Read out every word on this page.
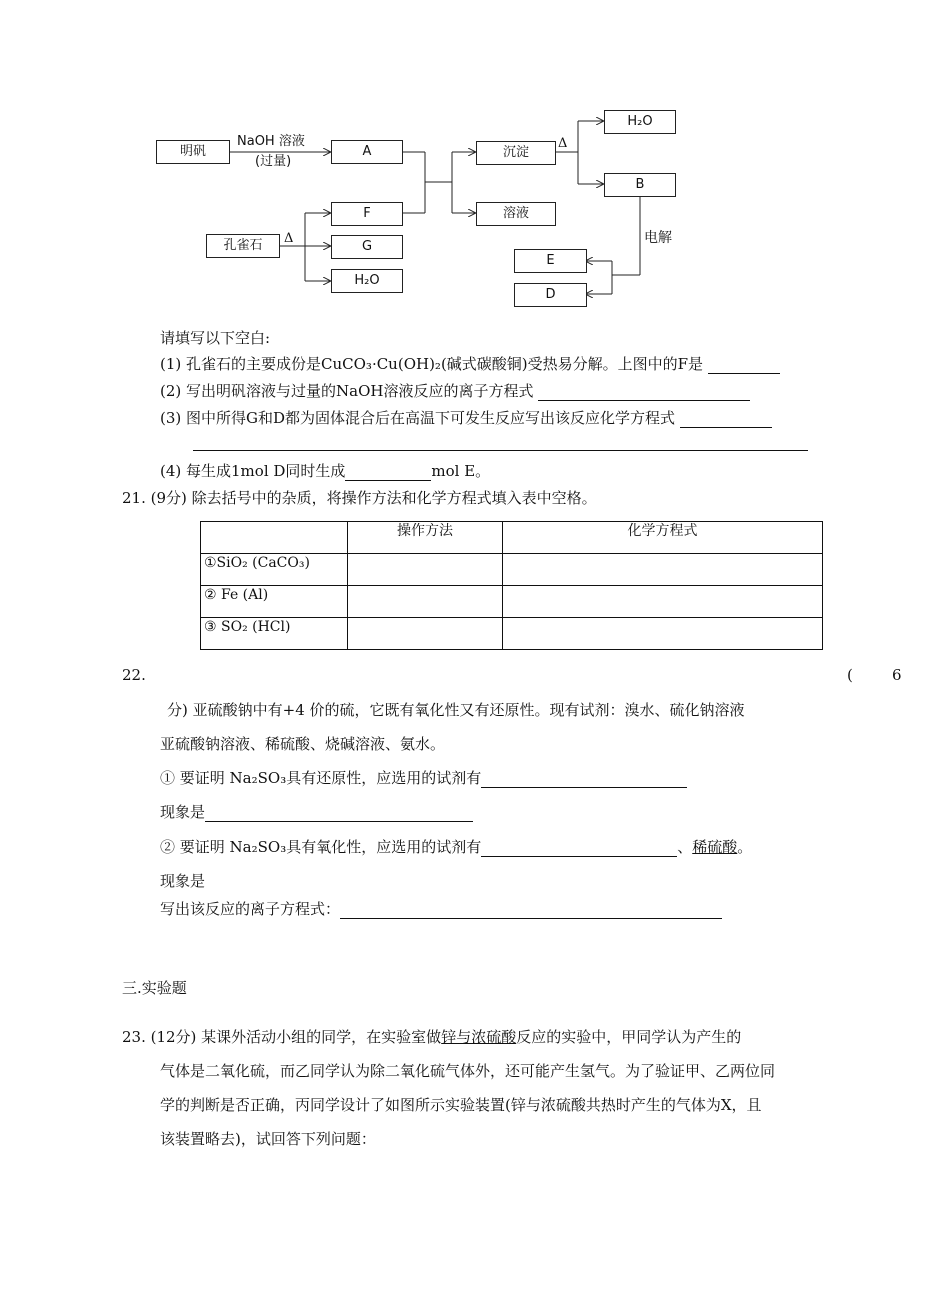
明矾
NaOH 溶液
(过量)
A	沉淀
溶液
Δ
H₂O
B
电解
E
D
孔雀石	Δ
F
G
H₂O
请填写以下空白:
(1) 孔雀石的主要成份是CuCO₃·Cu(OH)₂(碱式碳酸铜)受热易分解。上图中的F是
(2) 写出明矾溶液与过量的NaOH溶液反应的离子方程式
(3) 图中所得G和D都为固体混合后在高温下可发生反应写出该反应化学方程式
(4) 每生成1mol D同时生成	mol E。
21. (9分) 除去括号中的杂质，将操作方法和化学方程式填入表中空格。
	操作方法	化学方程式
①SiO₂ (CaCO₃)		
② Fe (Al)		
③ SO₂ (HCl)		
22.	(	6
分) 亚硫酸钠中有+4 价的硫，它既有氧化性又有还原性。现有试剂：溴水、硫化钠溶液
亚硫酸钠溶液、稀硫酸、烧碱溶液、氨水。
① 要证明 Na₂SO₃具有还原性，应选用的试剂有
现象是
② 要证明 Na₂SO₃具有氧化性，应选用的试剂有	、稀硫酸。
现象是
写出该反应的离子方程式：
三.实验题
23. (12分) 某课外活动小组的同学，在实验室做锌与浓硫酸反应的实验中，甲同学认为产生的
气体是二氧化硫，而乙同学认为除二氧化硫气体外，还可能产生氢气。为了验证甲、乙两位同
学的判断是否正确，丙同学设计了如图所示实验装置(锌与浓硫酸共热时产生的气体为X，且
该装置略去)，试回答下列问题：
